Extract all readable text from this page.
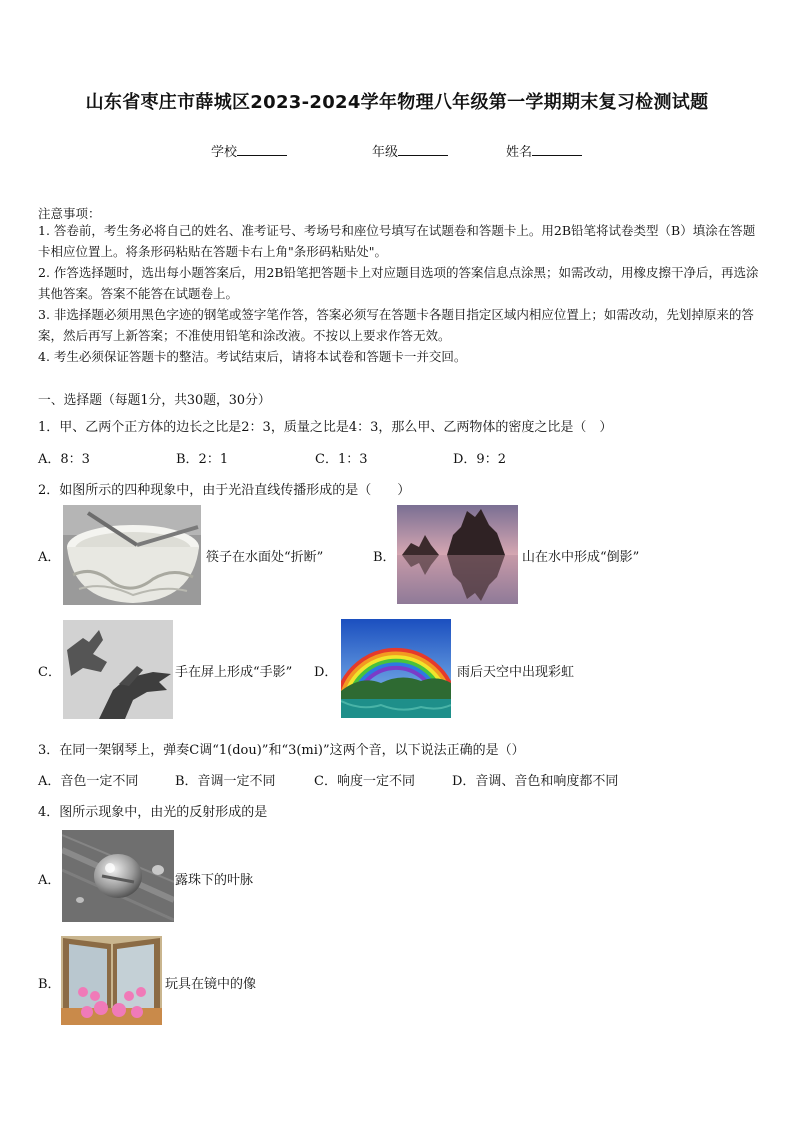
山东省枣庄市薛城区2023-2024学年物理八年级第一学期期末复习检测试题
学校	年级	姓名
注意事项：
1. 答卷前，考生务必将自己的姓名、准考证号、考场号和座位号填写在试题卷和答题卡上。用2B铅笔将试卷类型（B）填涂在答题卡相应位置上。将条形码粘贴在答题卡右上角"条形码粘贴处"。
2. 作答选择题时，选出每小题答案后，用2B铅笔把答题卡上对应题目选项的答案信息点涂黑；如需改动，用橡皮擦干净后，再选涂其他答案。答案不能答在试题卷上。
3. 非选择题必须用黑色字迹的钢笔或签字笔作答，答案必须写在答题卡各题目指定区域内相应位置上；如需改动，先划掉原来的答案，然后再写上新答案；不准使用铅笔和涂改液。不按以上要求作答无效。
4. 考生必须保证答题卡的整洁。考试结束后，请将本试卷和答题卡一并交回。
一、选择题（每题1分，共30题，30分）
1．甲、乙两个正方体的边长之比是2：3，质量之比是4：3，那么甲、乙两物体的密度之比是（　）
A．8：3	B．2：1	C．1：3	D．9：2
2．如图所示的四种现象中，由于光沿直线传播形成的是（　　）
A．	筷子在水面处“折断”	B．	山在水中形成“倒影”
C．	手在屏上形成“手影” D．	雨后天空中出现彩虹
3．在同一架钢琴上，弹奏C调“1(dou)”和“3(mi)”这两个音，以下说法正确的是（）
A．音色一定不同	B．音调一定不同	C．响度一定不同	D．音调、音色和响度都不同
4．图所示现象中，由光的反射形成的是
A．	露珠下的叶脉
B．	玩具在镜中的像
